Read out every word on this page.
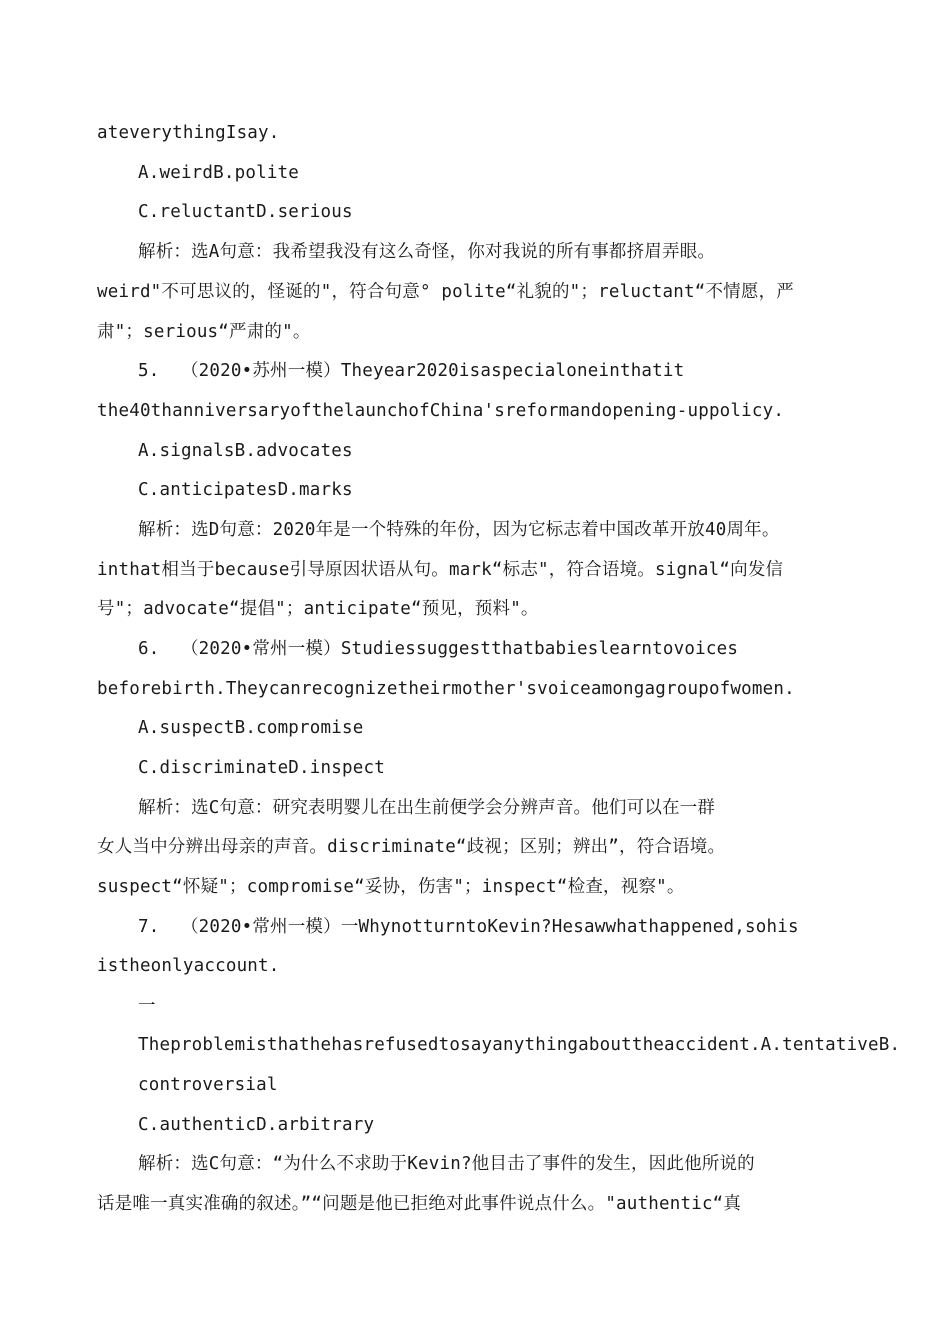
ateverythingIsay.
A.weirdB.polite
C.reluctantD.serious
解析：选A句意：我希望我没有这么奇怪，你对我说的所有事都挤眉弄眼。
weird"不可思议的，怪诞的"，符合句意° polite“礼貌的"；reluctant“不情愿，严
肃"；serious“严肃的"。
5.  （2020•苏州一模）Theyear2020isaspecialoneinthatit
the40thanniversaryofthelaunchofChina'sreformandopening-uppolicy.
A.signalsB.advocates
C.anticipatesD.marks
解析：选D句意：2020年是一个特殊的年份，因为它标志着中国改革开放40周年。
inthat相当于because引导原因状语从句。mark“标志"，符合语境。signal“向发信
号"；advocate“提倡"；anticipate“预见，预料"。
6.  （2020•常州一模）Studiessuggestthatbabieslearntovoices
beforebirth.Theycanrecognizetheirmother'svoiceamongagroupofwomen.
A.suspectB.compromise
C.discriminateD.inspect
解析：选C句意：研究表明婴儿在出生前便学会分辨声音。他们可以在一群
女人当中分辨出母亲的声音。discriminate“歧视；区别；辨出”，符合语境。
suspect“怀疑"；compromise“妥协，伤害"；inspect“检查，视察"。
7.  （2020•常州一模）一WhynotturntoKevin?Hesawwhathappened,sohis
istheonlyaccount.
一
Theproblemisthathehasrefusedtosayanythingabouttheaccident.A.tentativeB.
controversial
C.authenticD.arbitrary
解析：选C句意：“为什么不求助于Kevin?他目击了事件的发生，因此他所说的
话是唯一真实准确的叙述。”“问题是他已拒绝对此事件说点什么。"authentic“真
